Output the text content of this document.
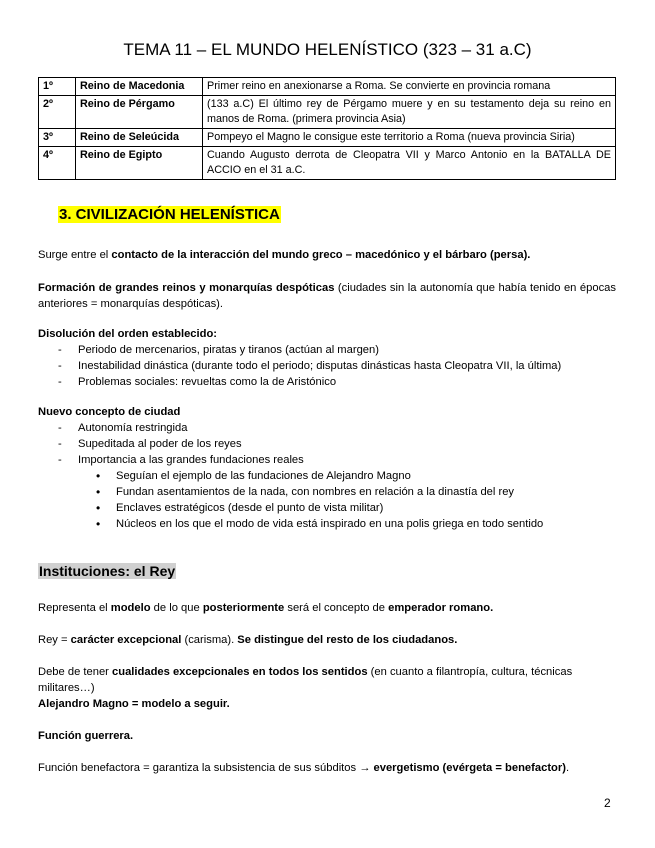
TEMA 11 – EL MUNDO HELENÍSTICO (323 – 31 a.C)
1º	Reino de Macedonia	Primer reino en anexionarse a Roma. Se convierte en provincia romana
2º	Reino de Pérgamo	(133 a.C) El último rey de Pérgamo muere y en su testamento deja su reino en manos de Roma. (primera provincia Asia)
3º	Reino de Seleúcida	Pompeyo el Magno le consigue este territorio a Roma (nueva provincia Siria)
4º	Reino de Egipto	Cuando Augusto derrota de Cleopatra VII y Marco Antonio en la BATALLA DE ACCIO en el 31 a.C.
3. CIVILIZACIÓN HELENÍSTICA
Surge entre el contacto de la interacción del mundo greco – macedónico y el bárbaro (persa).
Formación de grandes reinos y monarquías despóticas (ciudades sin la autonomía que había tenido en épocas anteriores = monarquías despóticas).
Disolución del orden establecido:
- Periodo de mercenarios, piratas y tiranos (actúan al margen)
- Inestabilidad dinástica (durante todo el periodo; disputas dinásticas hasta Cleopatra VII, la última)
- Problemas sociales: revueltas como la de Aristónico
Nuevo concepto de ciudad
- Autonomía restringida
- Supeditada al poder de los reyes
- Importancia a las grandes fundaciones reales
• Seguían el ejemplo de las fundaciones de Alejandro Magno
• Fundan asentamientos de la nada, con nombres en relación a la dinastía del rey
• Enclaves estratégicos (desde el punto de vista militar)
• Núcleos en los que el modo de vida está inspirado en una polis griega en todo sentido
Instituciones: el Rey
Representa el modelo de lo que posteriormente será el concepto de emperador romano.
Rey = carácter excepcional (carisma). Se distingue del resto de los ciudadanos.
Debe de tener cualidades excepcionales en todos los sentidos (en cuanto a filantropía, cultura, técnicas militares…)
Alejandro Magno = modelo a seguir.
Función guerrera.
Función benefactora = garantiza la subsistencia de sus súbditos → evergetismo (evérgeta = benefactor).
2
